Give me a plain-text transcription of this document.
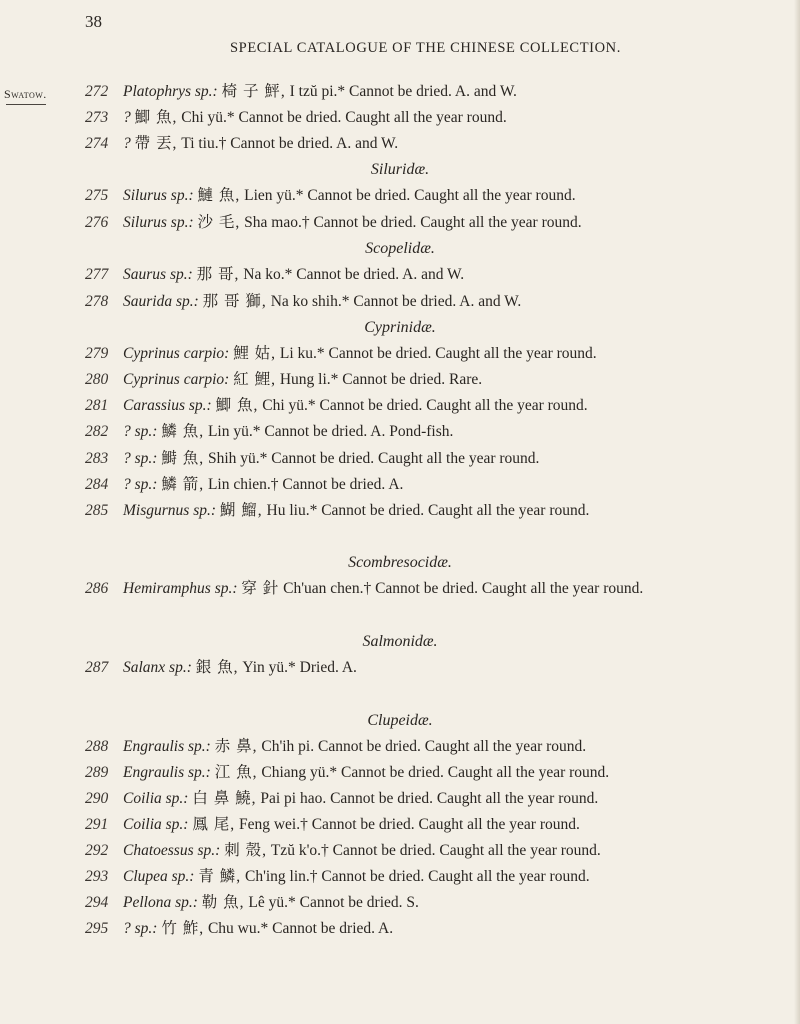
38
SPECIAL CATALOGUE OF THE CHINESE COLLECTION.
Swatow. 272 Platophrys sp.: 椅 子 鮃, I tzŭ pi.* Cannot be dried. A. and W.
273 ? 鯽 魚, Chi yü.* Cannot be dried. Caught all the year round.
274 ? 帶 丟, Ti tiu.† Cannot be dried. A. and W.
Siluridæ.
275 Silurus sp.: 鰱 魚, Lien yü.* Cannot be dried. Caught all the year round.
276 Silurus sp.: 沙 毛, Sha mao.† Cannot be dried. Caught all the year round.
Scopelidæ.
277 Saurus sp.: 那 哥, Na ko.* Cannot be dried. A. and W.
278 Saurida sp.: 那 哥 獅, Na ko shih.* Cannot be dried. A. and W.
Cyprinidæ.
279 Cyprinus carpio: 鯉 姑, Li ku.* Cannot be dried. Caught all the year round.
280 Cyprinus carpio: 紅 鯉, Hung li.* Cannot be dried. Rare.
281 Carassius sp.: 鯽 魚, Chi yü.* Cannot be dried. Caught all the year round.
282 ? sp.: 鱗 魚, Lin yü.* Cannot be dried. A. Pond-fish.
283 ? sp.: 鰣 魚, Shih yü.* Cannot be dried. Caught all the year round.
284 ? sp.: 鱗 箭, Lin chien.† Cannot be dried. A.
285 Misgurnus sp.: 鰗 鰡, Hu liu.* Cannot be dried. Caught all the year round.
Scombresocidæ.
286 Hemiramphus sp.: 穿 針 Ch'uan chen.† Cannot be dried. Caught all the year round.
Salmonidæ.
287 Salanx sp.: 銀 魚, Yin yü.* Dried. A.
Clupeidæ.
288 Engraulis sp.: 赤 鼻, Ch'ih pi. Cannot be dried. Caught all the year round.
289 Engraulis sp.: 江 魚, Chiang yü.* Cannot be dried. Caught all the year round.
290 Coilia sp.: 白 鼻 鱙, Pai pi hao. Cannot be dried. Caught all the year round.
291 Coilia sp.: 鳳 尾, Feng wei.† Cannot be dried. Caught all the year round.
292 Chatoessus sp.: 刺 殼, Tzŭ k'o.† Cannot be dried. Caught all the year round.
293 Clupea sp.: 青 鱗, Ch'ing lin.† Cannot be dried. Caught all the year round.
294 Pellona sp.: 勒 魚, Lê yü.* Cannot be dried. S.
295 ? sp.: 竹 鮓, Chu wu.* Cannot be dried. A.
